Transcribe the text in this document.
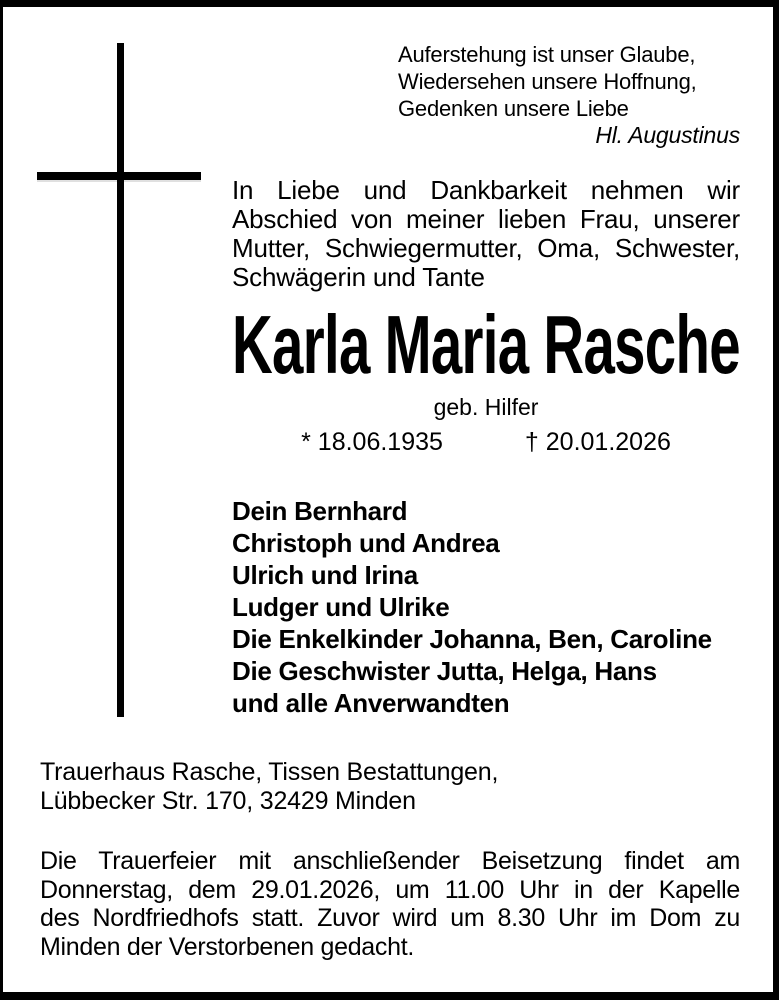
Auferstehung ist unser Glaube,
Wiedersehen unsere Hoffnung,
Gedenken unsere Liebe
Hl. Augustinus
In Liebe und Dankbarkeit nehmen wir
Abschied von meiner lieben Frau, unserer
Mutter, Schwiegermutter, Oma, Schwester,
Schwägerin und Tante
Karla Maria Rasche
geb. Hilfer
* 18.06.1935	† 20.01.2026
Dein Bernhard
Christoph und Andrea
Ulrich und Irina
Ludger und Ulrike
Die Enkelkinder Johanna, Ben, Caroline
Die Geschwister Jutta, Helga, Hans
und alle Anverwandten
Trauerhaus Rasche, Tissen Bestattungen,
Lübbecker Str. 170, 32429 Minden
Die Trauerfeier mit anschließender Beisetzung findet am
Donnerstag, dem 29.01.2026, um 11.00 Uhr in der Kapelle
des Nordfriedhofs statt. Zuvor wird um 8.30 Uhr im Dom zu
Minden der Verstorbenen gedacht.
